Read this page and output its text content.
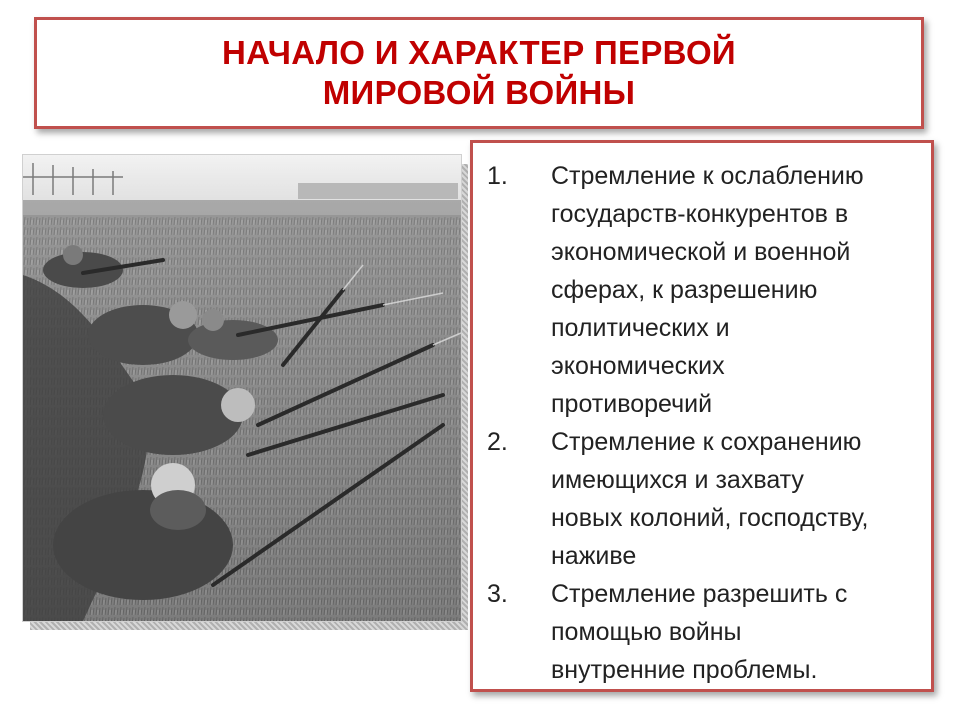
НАЧАЛО И ХАРАКТЕР ПЕРВОЙ
МИРОВОЙ ВОЙНЫ
1.	Стремление к ослаблению
государств-конкурентов в
экономической и военной
сферах, к разрешению
политических и
экономических
противоречий
2.	Стремление к сохранению
имеющихся и захвату
новых колоний, господству,
наживе
3.	Стремление разрешить с
помощью войны
внутренние проблемы.
